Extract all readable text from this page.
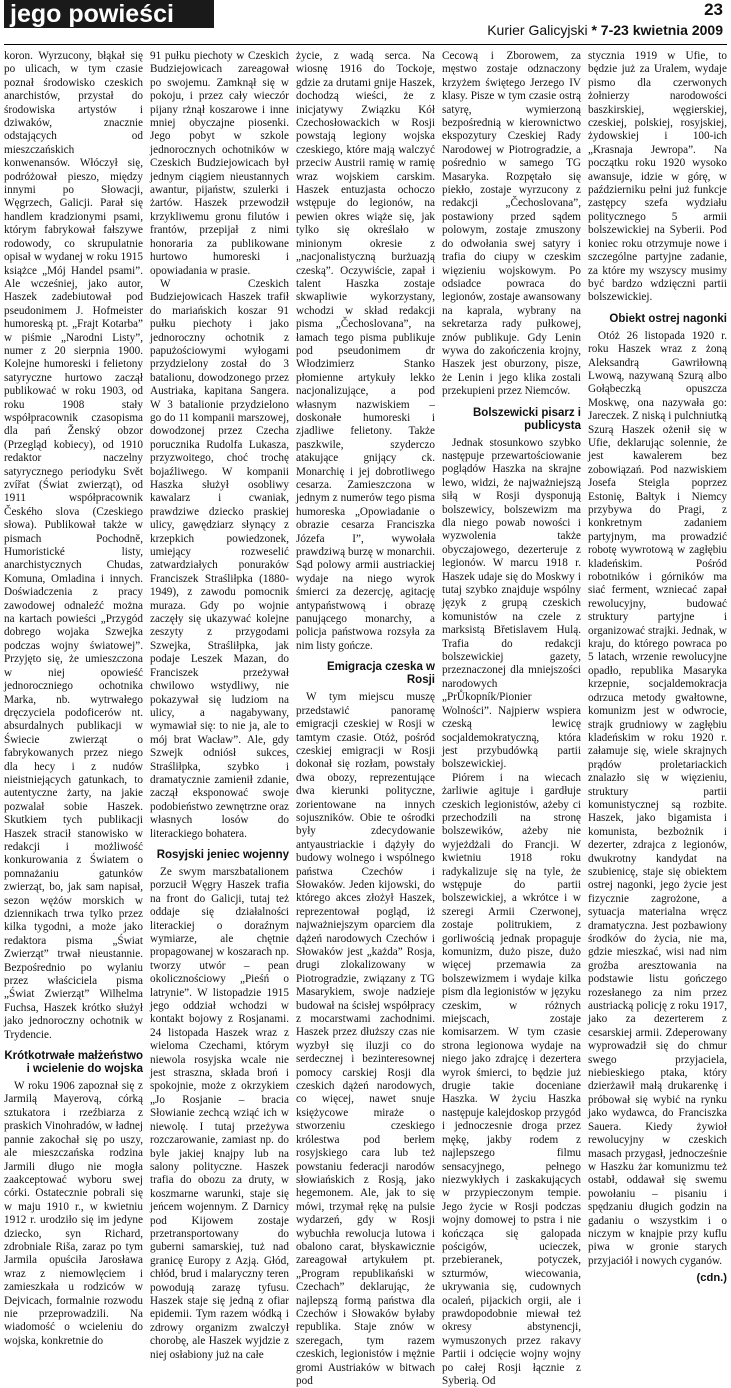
jego powieści	23
Kurier Galicyjski * 7-23 kwietnia 2009

koron. Wyrzucony, błąkał się po ulicach, w tym czasie poznał środowisko czeskich anarchistów, przystał do środowiska artystów i dziwaków, znacznie odstających od mieszczańskich konwenansów. Włóczył się, podróżował pieszo, między innymi po Słowacji, Węgrzech, Galicji. Parał się handlem kradzionymi psami, którym fabrykował fałszywe rodowody, co skrupulatnie opisał w wydanej w roku 1915 książce „Mój Handel psami”. Ale wcześniej, jako autor, Haszek zadebiutował pod pseudonimem J. Hofmeister humoreską pt. „Frajt Kotarba” w piśmie „Narodni Listy”, numer z 20 sierpnia 1900. Kolejne humoreski i felietony satyryczne hurtowo zaczął publikować w roku 1903, od roku 1908 stały współpracownik czasopisma dla pań Ženský obzor (Przegląd kobiecy), od 1910 redaktor naczelny satyrycznego periodyku Svět zvířat (Świat zwierząt), od 1911 współpracownik Českého slova (Czeskiego słowa). Publikował także w pismach Pochodně, Humoristické listy, anarchistycznych Chudas, Komuna, Omladina i innych. Doświadczenia z pracy zawodowej odnaleźć można na kartach powieści „Przygód dobrego wojaka Szwejka podczas wojny światowej”. Przyjęto się, że umieszczona w niej opowieść jednoroczniego ochotnika Marka, nb. wytrwałego dręczyciela podoficerów nt. absurdalnych publikacji w Świecie zwierząt o fabrykowanych przez niego dla hecy i z nudów nieistniejących gatunkach, to autentyczne żarty, na jakie pozwalał sobie Haszek. Skutkiem tych publikacji Haszek stracił stanowisko w redakcji i możliwość konkurowania z Światem o pomnażaniu gatunków zwierząt, bo, jak sam napisał, sezon wężów morskich w dziennikach trwa tylko przez kilka tygodni, a może jako redaktora pisma „Świat Zwierząt” trwał nieustannie. Bezpośrednio po wylaniu przez właściciela pisma „Świat Zwierząt” Wilhelma Fuchsa, Haszek krótko służył jako jednoroczny ochotnik w Trydencie.

Krótkotrwałe małżeństwo i wcielenie do wojska

W roku 1906 zapoznał się z Jarmilą Mayerovą, córką sztukatora i rzeźbiarza z praskich Vinohradów, w ładnej pannie zakochał się po uszy, ale mieszczańska rodzina Jarmili długo nie mogła zaakceptować wyboru swej córki. Ostatecznie pobrali się w maju 1910 r., w kwietniu 1912 r. urodziło się im jedyne dziecko, syn Richard, zdrobniale Riša, zaraz po tym Jarmila opuściła Jarosława wraz z niemowlęciem i zamieszkała u rodziców w Dejvicach, formalnie rozwodu nie przeprowadzili. Na wiadomość o wcieleniu do wojska, konkretnie do

91 pułku piechoty w Czeskich Budziejowicach zareagował po swojemu. Zamknął się w pokoju, i przez cały wieczór pijany rżnął koszarowe i inne mniej obyczajne piosenki. Jego pobyt w szkole jednorocznych ochotników w Czeskich Budziejowicach był jednym ciągiem nieustannych awantur, pijaństw, szulerki i żartów. Haszek przewodził krzykliwemu gronu filutów i frantów, przepijał z nimi honoraria za publikowane hurtowo humoreski i opowiadania w prasie.

W Czeskich Budziejowicach Haszek trafił do mariańskich koszar 91 pułku piechoty i jako jednoroczny ochotnik z papużościowymi wyłogami przydzielony został do 3 batalionu, dowodzonego przez Austriaka, kapitana Sangera. W 3 batalionie przydzielono go do 11 kompanii marszowej, dowodzonej przez Czecha porucznika Rudolfa Lukasza, przyzwoitego, choć trochę bojaźliwego. W kompanii Haszka służył osobliwy kawalarz i cwaniak, prawdziwe dziecko praskiej ulicy, gawędziarz słynący z krzepkich powiedzonek, umiejący rozweselić zatwardziałych ponuraków Franciszek Straśliłpka (1880-1949), z zawodu pomocnik muraza. Gdy po wojnie zaczęły się ukazywać kolejne zeszyty z przygodami Szwejka, Straśliłpka, jak podaje Leszek Mazan, do Franciszek przeżywał chwilowo wstydliwy, nie pokazywał się ludziom na ulicy, a nagabywany, wymawiał się: to nie ja, ale to mój brat Wacław”. Ale, gdy Szwejk odniósł sukces, Straśliłpka, szybko i dramatycznie zamienił zdanie, zaczął eksponować swoje podobieństwo zewnętrzne oraz własnych losów do literackiego bohatera.

Rosyjski jeniec wojenny

Ze swym marszbatalionem porzucił Węgry Haszek trafia na front do Galicji, tutaj też oddaje się działalności literackiej o doraźnym wymiarze, ale chętnie propagowanej w koszarach np. tworzy utwór – pean okolicznościowy „Pieśń o latrynie”. W listopadzie 1915 jego oddział wchodzi w kontakt bojowy z Rosjanami. 24 listopada Haszek wraz z wieloma Czechami, którym niewola rosyjska wcale nie jest straszna, składa broń i spokojnie, może z okrzykiem „Jo Rosjanie – bracia Słowianie zechcą wziąć ich w niewolę. I tutaj przeżywa rozczarowanie, zamiast np. do byle jakiej knajpy lub na salony polityczne. Haszek trafia do obozu za druty, w koszmarne warunki, staje się jeńcem wojennym. Z Darnicy pod Kijowem zostaje przetransportowany do guberni samarskiej, tuż nad granicę Europy z Azją. Głód, chłód, brud i malaryczny teren powodują zarazę tyfusu. Haszek staje się jedną z ofiar epidemii. Tym razem wódką i zdrowy organizm zwalczył chorobę, ale Haszek wyjdzie z niej osłabiony już na całe

życie, z wadą serca. Na wiosnę 1916 do Tockoje, gdzie za drutami gnije Haszek, dochodzą wieści, że z inicjatywy Związku Kół Czechosłowackich w Rosji powstają legiony wojska czeskiego, które mają walczyć przeciw Austrii ramię w ramię wraz wojskiem carskim. Haszek entuzjasta ochoczo wstępuje do legionów, na pewien okres wiąże się, jak tylko się określało w minionym okresie z „nacjonalistyczną burżuazją czeską”. Oczywiście, zapał i talent Haszka zostaje skwapliwie wykorzystany, wchodzi w skład redakcji pisma „Čechoslovana”, na łamach tego pisma publikuje pod pseudonimem dr Włodzimierz Stanko płomienne artykuły lekko nacjonalizujące, a pod własnym nazwiskiem – doskonałe humoreski i zjadliwe felietony. Także paszkwile, szyderczo atakujące gnijący ck. Monarchię i jej dobrotliwego cesarza. Zamieszczona w jednym z numerów tego pisma humoreska „Opowiadanie o obrazie cesarza Franciszka Józefa I”, wywołała prawdziwą burzę w monarchii. Sąd polowy armii austriackiej wydaje na niego wyrok śmierci za dezercję, agitację antypaństwową i obrazę panującego monarchy, a policja państwowa rozsyła za nim listy gończe.

Emigracja czeska w Rosji

W tym miejscu muszę przedstawić panoramę emigracji czeskiej w Rosji w tamtym czasie. Otóż, pośród czeskiej emigracji w Rosji dokonał się rozłam, powstały dwa obozy, reprezentujące dwa kierunki polityczne, zorientowane na innych sojuszników. Obie te ośrodki były zdecydowanie antyaustriackie i dążyły do budowy wolnego i wspólnego państwa Czechów i Słowaków. Jeden kijowski, do którego akces złożył Haszek, reprezentował pogląd, iż najważniejszym oparciem dla dążeń narodowych Czechów i Słowaków jest „każda” Rosja, drugi zlokalizowany w Piotrogradzie, związany z TG Masarykiem, swoje nadzieje budował na ścisłej współpracy z mocarstwami zachodnimi. Haszek przez dłuższy czas nie wyzbył się iluzji co do serdecznej i bezinteresownej pomocy carskiej Rosji dla czeskich dążeń narodowych, co więcej, nawet snuje księżycowe miraże o stworzeniu czeskiego królestwa pod berłem rosyjskiego cara lub też powstaniu federacji narodów słowiańskich z Rosją, jako hegemonem. Ale, jak to się mówi, trzymał rękę na pulsie wydarzeń, gdy w Rosji wybuchła rewolucja lutowa i obalono carat, błyskawicznie zareagował artykułem pt. „Program republikański w Czechach” deklarując, że najlepszą formą państwa dla Czechów i Słowaków byłaby republika. Staje znów w szeregach, tym razem czeskich, legionistów i mężnie gromi Austriaków w bitwach pod

Cecową i Zborowem, za męstwo zostaje odznaczony krzyżem świętego Jerzego IV klasy. Pisze w tym czasie ostrą satyrę, wymierzoną bezpośrednią w kierownictwo ekspozytury Czeskiej Rady Narodowej w Piotrogradzie, a pośrednio w samego TG Masaryka. Rozpętało się piekło, zostaje wyrzucony z redakcji „Čechoslovana”, postawiony przed sądem polowym, zostaje zmuszony do odwołania swej satyry i trafia do ciupy w czeskim więzieniu wojskowym. Po odsiadce powraca do legionów, zostaje awansowany na kaprala, wybrany na sekretarza rady pułkowej, znów publikuje. Gdy Lenin wywa do zakończenia krojny, Haszek jest oburzony, pisze, że Lenin i jego klika zostali przekupieni przez Niemców.

Bolszewicki pisarz i publicysta

Jednak stosunkowo szybko następuje przewartościowanie poglądów Haszka na skrajne lewo, widzi, że najważniejszą siłą w Rosji dysponują bolszewicy, bolszewizm ma dla niego powab nowości i wyzwolenia także obyczajowego, dezerteruje z legionów. W marcu 1918 r. Haszek udaje się do Moskwy i tutaj szybko znajduje wspólny język z grupą czeskich komunistów na czele z marksistą Břetislavem Hulą. Trafia do redakcji bolszewickiej gazety, przeznaczonej dla mniejszości narodowych „PrŮkopník/Pionier Wolności”. Najpierw wspiera czeską lewicę socjaldemokratyczną, która jest przybudówką partii bolszewickiej.

Piórem i na wiecach żarliwie agituje i gardłuje czeskich legionistów, ażeby ci przechodzili na stronę bolszewików, ażeby nie wyjeżdżali do Francji. W kwietniu 1918 roku radykalizuje się na tyle, że wstępuje do partii bolszewickiej, a wkrótce i w szeregi Armii Czerwonej, zostaje politrukiem, z gorliwością jednak propaguje komunizm, dużo pisze, dużo więcej przemawia za bolszewizmem i wydaje kilka pism dla legionistów w języku czeskim, w różnych miejscach, zostaje komisarzem. W tym czasie strona legionowa wydaje na niego jako zdrajcę i dezertera wyrok śmierci, to będzie już drugie takie doceniane Haszka. W życiu Haszka następuje kalejdoskop przygód i jednoczesnie droga przez mękę, jakby rodem z najlepszego filmu sensacyjnego, pełnego niezwykłych i zaskakujących w przypieczonym tempie. Jego życie w Rosji podczas wojny domowej to pstra i nie kończąca się galopada pościgów, ucieczek, przebieranek, potyczek, szturmów, wiecowania, ukrywania się, cudownych ocaleń, pijackich orgii, ale i prawdopodobnie miewał też okresy abstynencji, wymuszonych przez rakavy Partii i odcięcie wojny wojny po całej Rosji łącznie z Syberią. Od

stycznia 1919 w Ufie, to będzie już za Uralem, wydaje pismo dla czerwonych żołnierzy narodowości baszkirskiej, węgierskiej, czeskiej, polskiej, rosyjskiej, żydowskiej i 100-ich „Krasnaja Jewropa”. Na początku roku 1920 wysoko awansuje, idzie w górę, w październiku pełni już funkcje zastępcy szefa wydziału politycznego 5 armii bolszewickiej na Syberii. Pod koniec roku otrzymuje nowe i szczególne partyjne zadanie, za które my wszyscy musimy być bardzo wdzięczni partii bolszewickiej.

Obiekt ostrej nagonki

Otóż 26 listopada 1920 r. roku Haszek wraz z żoną Aleksandrą Gawriłowną Lwową, nazywaną Szurą albo Gołąbeczką opuszcza Moskwę, ona nazywała go: Jareczek. Z niską i pulchniutką Szurą Haszek ożenił się w Ufie, deklarując solennie, że jest kawalerem bez zobowiązań. Pod nazwiskiem Josefa Steigla poprzez Estonię, Bałtyk i Niemcy przybywa do Pragi, z konkretnym zadaniem partyjnym, ma prowadzić robotę wywrotową w zagłębiu kladeńskim. Pośród robotników i górników ma siać ferment, wzniecać zapał rewolucyjny, budować struktury partyjne i organizować strajki. Jednak, w kraju, do którego powraca po 5 latach, wrzenie rewolucyjne opadło, republika Masaryka krzepnie, socjaldemokracja odrzuca metody gwałtowne, komunizm jest w odwrocie, strajk grudniowy w zagłębiu kladeńskim w roku 1920 r. załamuje się, wiele skrajnych prądów proletariackich znalazło się w więzieniu, struktury partii komunistycznej są rozbite. Haszek, jako bigamista i komunista, bezbożnik i dezerter, zdrajca z legionów, dwukrotny kandydat na szubienicę, staje się obiektem ostrej nagonki, jego życie jest fizycznie zagrożone, a sytuacja materialna wręcz dramatyczna. Jest pozbawiony środków do życia, nie ma, gdzie mieszkać, wisi nad nim groźba aresztowania na podstawie listu gończego rozesłanego za nim przez austriacką policję z roku 1917, jako za dezerterem z cesarskiej armii. Zdeperowany wyprowadził się do chmur swego przyjaciela, niebieskiego ptaka, który dzierżawił małą drukarenkę i próbował się wybić na rynku jako wydawca, do Franciszka Sauera. Kiedy żywioł rewolucyjny w czeskich masach przygasł, jednocześnie w Haszku żar komunizmu też ostabł, oddawał się swemu powołaniu – pisaniu i spędzaniu długich godzin na gadaniu o wszystkim i o niczym w knajpie przy kuflu piwa w gronie starych przyjaciół i nowych cyganów.

(cdn.)
